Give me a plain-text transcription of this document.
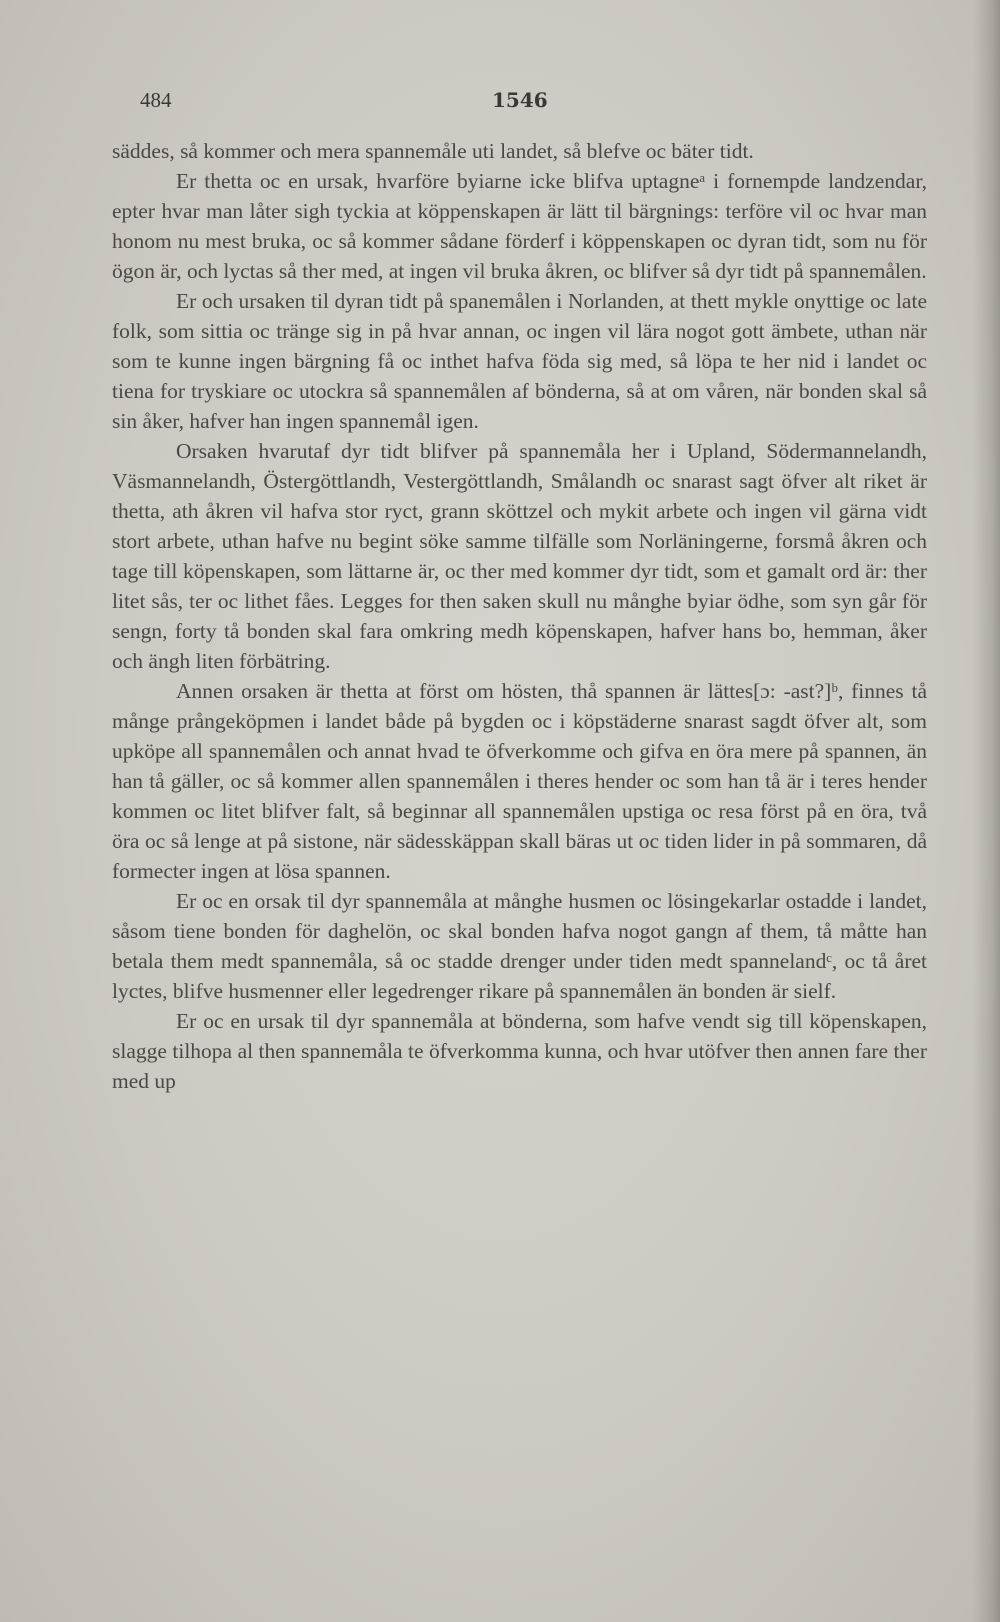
484	1546

säddes, så kommer och mera spannemåle uti landet, så blefve oc bäter tidt.

Er thetta oc en ursak, hvarföre byiarne icke blifva uptagneᵃ i fornempde landzendar, epter hvar man låter sigh tyckia at köppenskapen är lätt til bärgnings: terföre vil oc hvar man honom nu mest bruka, oc så kommer sådane förderf i köppenskapen oc dyran tidt, som nu för ögon är, och lyctas så ther med, at ingen vil bruka åkren, oc blifver så dyr tidt på spannemålen.

Er och ursaken til dyran tidt på spanemålen i Norlanden, at thett mykle onyttige oc late folk, som sittia oc tränge sig in på hvar annan, oc ingen vil lära nogot gott ämbete, uthan när som te kunne ingen bärgning få oc inthet hafva föda sig med, så löpa te her nid i landet oc tiena for tryskiare oc utockra så spannemålen af bönderna, så at om våren, när bonden skal så sin åker, hafver han ingen spannemål igen.

Orsaken hvarutaf dyr tidt blifver på spannemåla her i Upland, Södermannelandh, Väsmannelandh, Östergöttlandh, Vestergöttlandh, Smålandh oc snarast sagt öfver alt riket är thetta, ath åkren vil hafva stor ryct, grann sköttzel och mykit arbete och ingen vil gärna vidt stort arbete, uthan hafve nu begint söke samme tilfälle som Norläningerne, forsmå åkren och tage till köpenskapen, som lättarne är, oc ther med kommer dyr tidt, som et gamalt ord är: ther litet sås, ter oc lithet fåes. Legges for then saken skull nu månghe byiar ödhe, som syn går för sengn, forty tå bonden skal fara omkring medh köpenskapen, hafver hans bo, hemman, åker och ängh liten förbätring.

Annen orsaken är thetta at först om hösten, thå spannen är lättes[ɔ: -ast?]ᵇ, finnes tå månge prångeköpmen i landet både på bygden oc i köpstäderne snarast sagdt öfver alt, som upköpe all spannemålen och annat hvad te öfverkomme och gifva en öra mere på spannen, än han tå gäller, oc så kommer allen spannemålen i theres hender oc som han tå är i teres hender kommen oc litet blifver falt, så beginnar all spannemålen upstiga oc resa först på en öra, två öra oc så lenge at på sistone, när sädesskäppan skall bäras ut oc tiden lider in på sommaren, då formecter ingen at lösa spannen.

Er oc en orsak til dyr spannemåla at månghe husmen oc lösingekarlar ostadde i landet, såsom tiene bonden för daghelön, oc skal bonden hafva nogot gangn af them, tå måtte han betala them medt spannemåla, så oc stadde drenger under tiden medt spannelandᶜ, oc tå året lyctes, blifve husmenner eller legedrenger rikare på spannemålen än bonden är sielf.

Er oc en ursak til dyr spannemåla at bönderna, som hafve vendt sig till köpenskapen, slagge tilhopa al then spannemåla te öfverkomma kunna, och hvar utöfver then annen fare ther med up
